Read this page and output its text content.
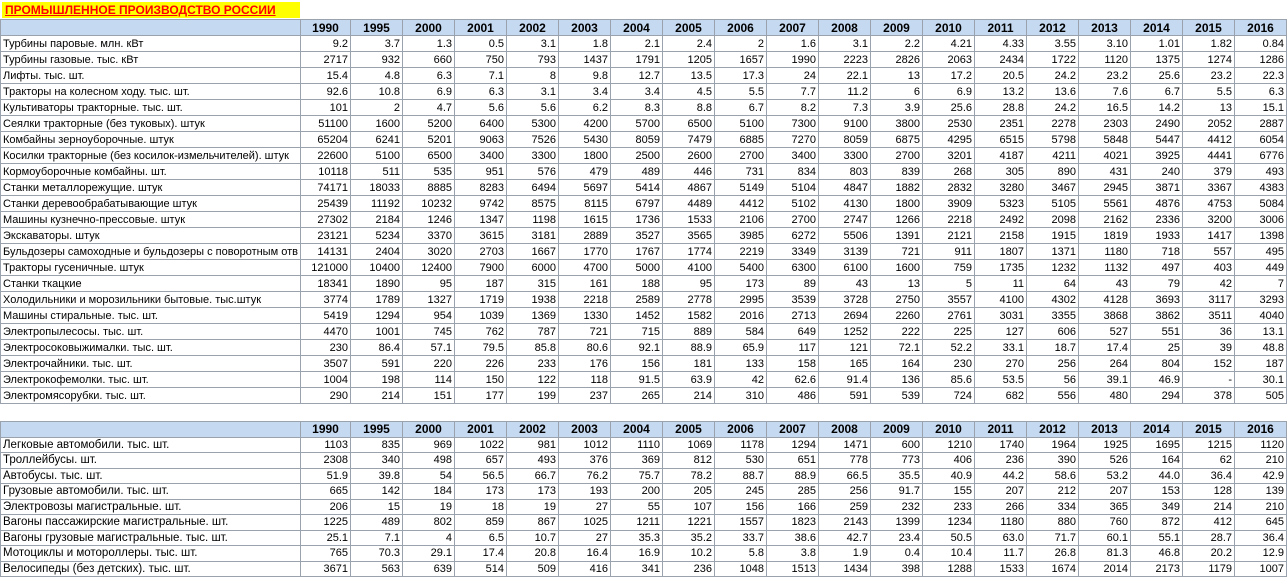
ПРОМЫШЛЕННОЕ ПРОИЗВОДСТВО РОССИИ
	1990	1995	2000	2001	2002	2003	2004	2005	2006	2007	2008	2009	2010	2011	2012	2013	2014	2015	2016
Турбины паровые. млн. кВт	9.2	3.7	1.3	0.5	3.1	1.8	2.1	2.4	2	1.6	3.1	2.2	4.21	4.33	3.55	3.10	1.01	1.82	0.84
Турбины газовые. тыс. кВт	2717	932	660	750	793	1437	1791	1205	1657	1990	2223	2826	2063	2434	1722	1120	1375	1274	1286
Лифты. тыс. шт.	15.4	4.8	6.3	7.1	8	9.8	12.7	13.5	17.3	24	22.1	13	17.2	20.5	24.2	23.2	25.6	23.2	22.3
Тракторы на колесном ходу. тыс. шт.	92.6	10.8	6.9	6.3	3.1	3.4	3.4	4.5	5.5	7.7	11.2	6	6.9	13.2	13.6	7.6	6.7	5.5	6.3
Культиваторы тракторные. тыс. шт.	101	2	4.7	5.6	5.6	6.2	8.3	8.8	6.7	8.2	7.3	3.9	25.6	28.8	24.2	16.5	14.2	13	15.1
Сеялки тракторные (без туковых). штук	51100	1600	5200	6400	5300	4200	5700	6500	5100	7300	9100	3800	2530	2351	2278	2303	2490	2052	2887
Комбайны зерноуборочные. штук	65204	6241	5201	9063	7526	5430	8059	7479	6885	7270	8059	6875	4295	6515	5798	5848	5447	4412	6054
Косилки тракторные (без косилок-измельчителей). штук	22600	5100	6500	3400	3300	1800	2500	2600	2700	3400	3300	2700	3201	4187	4211	4021	3925	4441	6776
Кормоуборочные комбайны. шт.	10118	511	535	951	576	479	489	446	731	834	803	839	268	305	890	431	240	379	493
Станки металлорежущие. штук	74171	18033	8885	8283	6494	5697	5414	4867	5149	5104	4847	1882	2832	3280	3467	2945	3871	3367	4383
Станки деревообрабатывающие штук	25439	11192	10232	9742	8575	8115	6797	4489	4412	5102	4130	1800	3909	5323	5105	5561	4876	4753	5084
Машины кузнечно-прессовые. штук	27302	2184	1246	1347	1198	1615	1736	1533	2106	2700	2747	1266	2218	2492	2098	2162	2336	3200	3006
Экскаваторы. штук	23121	5234	3370	3615	3181	2889	3527	3565	3985	6272	5506	1391	2121	2158	1915	1819	1933	1417	1398
Бульдозеры самоходные и бульдозеры с поворотным отв	14131	2404	3020	2703	1667	1770	1767	1774	2219	3349	3139	721	911	1807	1371	1180	718	557	495
Тракторы гусеничные. штук	121000	10400	12400	7900	6000	4700	5000	4100	5400	6300	6100	1600	759	1735	1232	1132	497	403	449
Станки ткацкие	18341	1890	95	187	315	161	188	95	173	89	43	13	5	11	64	43	79	42	7
Холодильники и морозильники бытовые. тыс.штук	3774	1789	1327	1719	1938	2218	2589	2778	2995	3539	3728	2750	3557	4100	4302	4128	3693	3117	3293
Машины стиральные. тыс. шт.	5419	1294	954	1039	1369	1330	1452	1582	2016	2713	2694	2260	2761	3031	3355	3868	3862	3511	4040
Электропылесосы. тыс. шт.	4470	1001	745	762	787	721	715	889	584	649	1252	222	225	127	606	527	551	36	13.1
Электросоковыжималки. тыс. шт.	230	86.4	57.1	79.5	85.8	80.6	92.1	88.9	65.9	117	121	72.1	52.2	33.1	18.7	17.4	25	39	48.8
Электрочайники. тыс. шт.	3507	591	220	226	233	176	156	181	133	158	165	164	230	270	256	264	804	152	187
Электрокофемолки. тыс. шт.	1004	198	114	150	122	118	91.5	63.9	42	62.6	91.4	136	85.6	53.5	56	39.1	46.9	-	30.1
Электромясорубки. тыс. шт.	290	214	151	177	199	237	265	214	310	486	591	539	724	682	556	480	294	378	505
	1990	1995	2000	2001	2002	2003	2004	2005	2006	2007	2008	2009	2010	2011	2012	2013	2014	2015	2016
Легковые автомобили. тыс. шт.	1103	835	969	1022	981	1012	1110	1069	1178	1294	1471	600	1210	1740	1964	1925	1695	1215	1120
Троллейбусы. шт.	2308	340	498	657	493	376	369	812	530	651	778	773	406	236	390	526	164	62	210
Автобусы. тыс. шт.	51.9	39.8	54	56.5	66.7	76.2	75.7	78.2	88.7	88.9	66.5	35.5	40.9	44.2	58.6	53.2	44.0	36.4	42.9
Грузовые автомобили. тыс. шт.	665	142	184	173	173	193	200	205	245	285	256	91.7	155	207	212	207	153	128	139
Электровозы магистральные. шт.	206	15	19	18	19	27	55	107	156	166	259	232	233	266	334	365	349	214	210
Вагоны пассажирские магистральные. шт.	1225	489	802	859	867	1025	1211	1221	1557	1823	2143	1399	1234	1180	880	760	872	412	645
Вагоны грузовые магистральные. тыс. шт.	25.1	7.1	4	6.5	10.7	27	35.3	35.2	33.7	38.6	42.7	23.4	50.5	63.0	71.7	60.1	55.1	28.7	36.4
Мотоциклы и мотороллеры. тыс. шт.	765	70.3	29.1	17.4	20.8	16.4	16.9	10.2	5.8	3.8	1.9	0.4	10.4	11.7	26.8	81.3	46.8	20.2	12.9
Велосипеды (без детских). тыс. шт.	3671	563	639	514	509	416	341	236	1048	1513	1434	398	1288	1533	1674	2014	2173	1179	1007
